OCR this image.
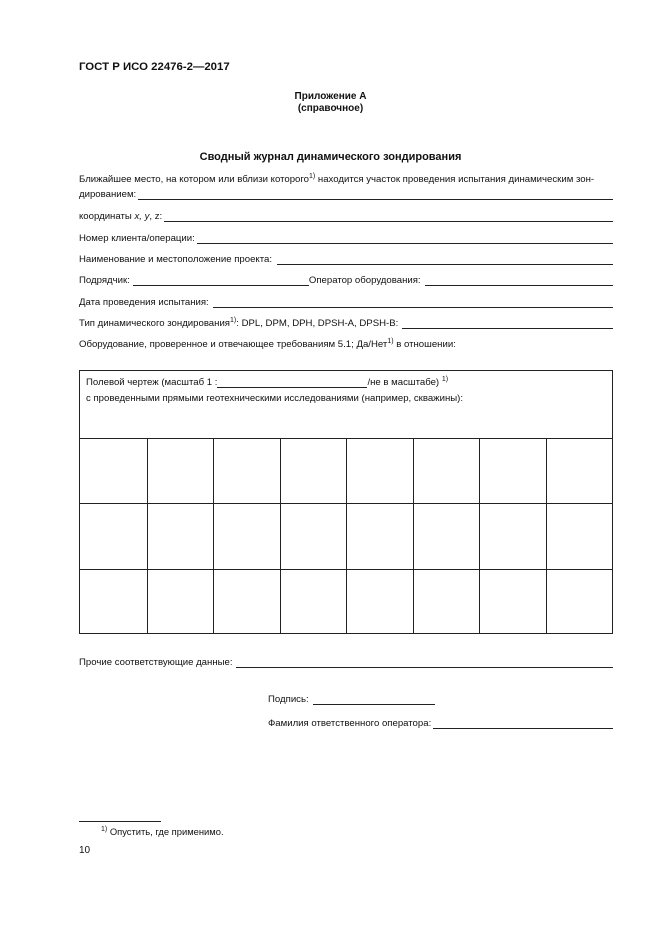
ГОСТ Р ИСО 22476-2—2017
Приложение А
(справочное)
Сводный журнал динамического зондирования
Ближайшее место, на котором или вблизи которого$^{1)}$ находится участок проведения испытания динамическим зон-
дированием:
координаты x, y, z:
Номер клиента/операции:
Наименование и местоположение проекта:
Подрядчик:	Оператор оборудования:
Дата проведения испытания:
Тип динамического зондирования$^{1)}$: DPL, DPM, DPH, DPSH-A, DPSH-B:
Оборудование, проверенное и отвечающее требованиям 5.1; Да/Нет$^{1)}$ в отношении:
Полевой чертеж (масштаб 1 :	/не в масштабе) $^{1)}$
с проведенными прямыми геотехническими исследованиями (например, скважины):
Прочие соответствующие данные:
Подпись:
Фамилия ответственного оператора:
$^{1)}$ Опустить, где применимо.
10
